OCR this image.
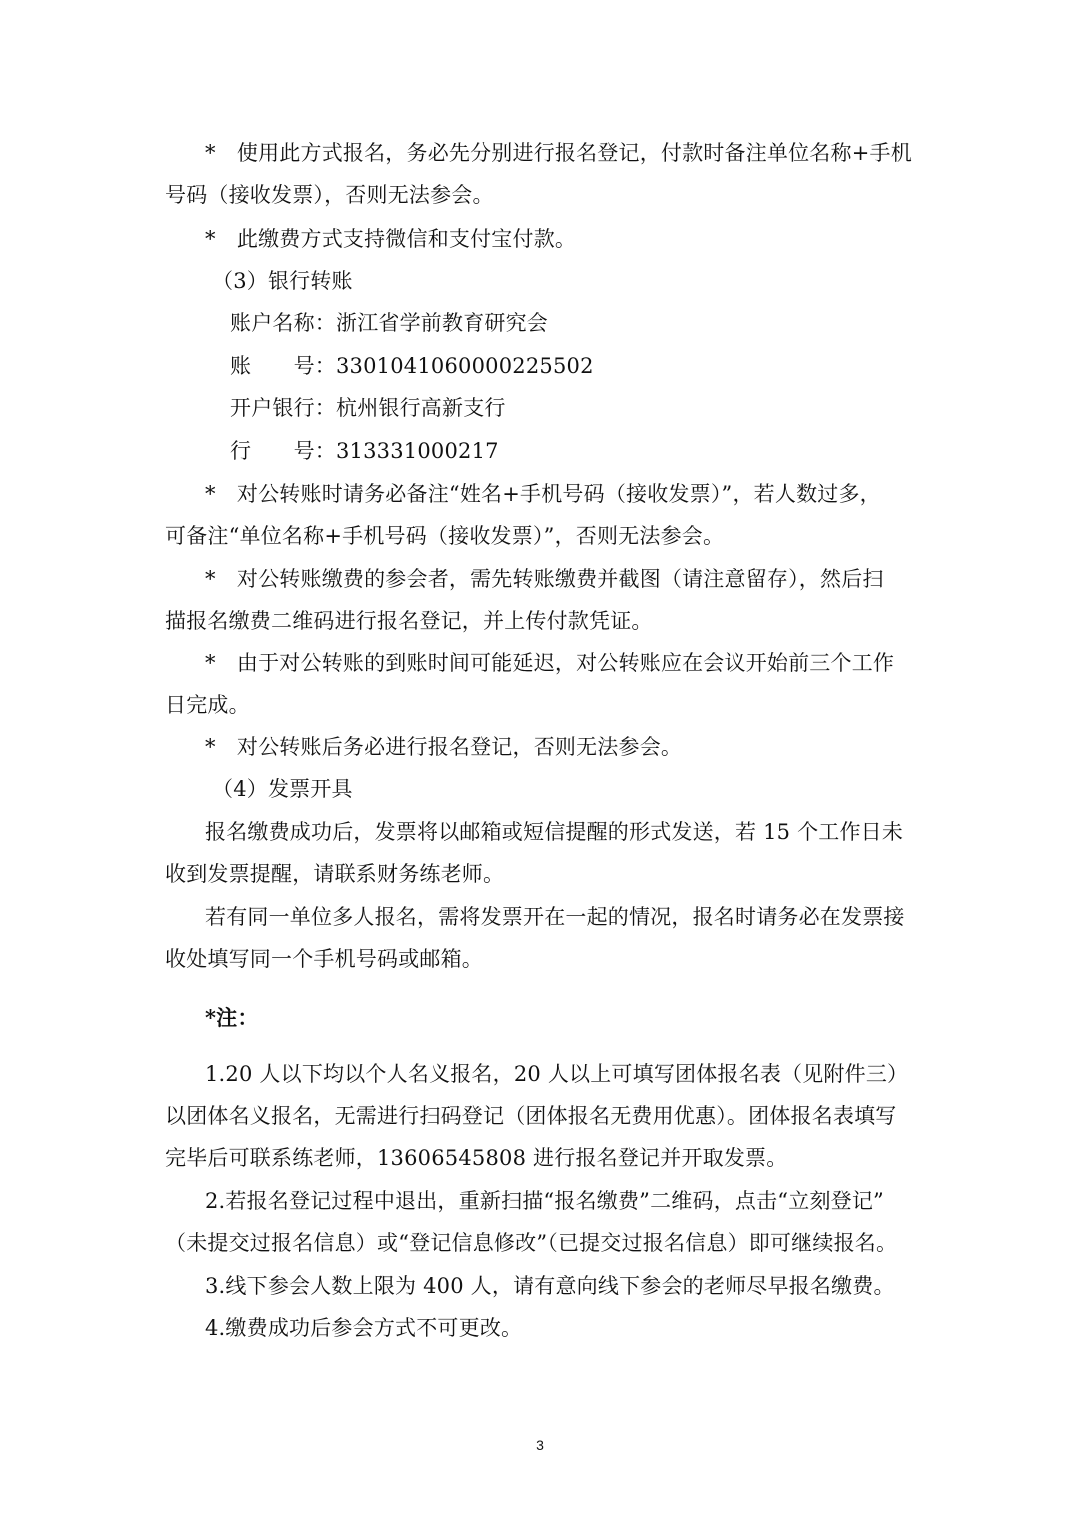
*　使用此方式报名，务必先分别进行报名登记，付款时备注单位名称+手机
号码（接收发票），否则无法参会。
*　此缴费方式支持微信和支付宝付款。
（3）银行转账
账户名称：浙江省学前教育研究会
账　　号：330104106000022550​2
开户银行：杭州银行高新支行
行　　号：313331000217
*　对公转账时请务必备注“姓名+手机号码（接收发票）”，若人数过多，
可备注“单位名称+手机号码（接收发票）”，否则无法参会。
*　对公转账缴费的参会者，需先转账缴费并截图（请注意留存），然后扫
描报名缴费二维码进行报名登记，并上传付款凭证。
*　由于对公转账的到账时间可能延迟，对公转账应在会议开始前三个工作
日完成。
*　对公转账后务必进行报名登记，否则无法参会。
（4）发票开具
报名缴费成功后，发票将以邮箱或短信提醒的形式发送，若 15 个工作日未
收到发票提醒，请联系财务练老师。
若有同一单位多人报名，需将发票开在一起的情况，报名时请务必在发票接
收处填写同一个手机号码或邮箱。
*注：
1.20 人以下均以个人名义报名，20 人以上可填写团体报名表（见附件三）
以团体名义报名，无需进行扫码登记（团体报名无费用优惠）。团体报名表填写
完毕后可联系练老师，13606545808 进行报名登记并开取发票。
2.若报名登记过程中退出，重新扫描“报名缴费”二维码，点击“立刻登记”
（未提交过报名信息）或“登记信息修改”（已提交过报名信息）即可继续报名。
3.线下参会人数上限为 400 人，请有意向线下参会的老师尽早报名缴费。
4.缴费成功后参会方式不可更改。
3
